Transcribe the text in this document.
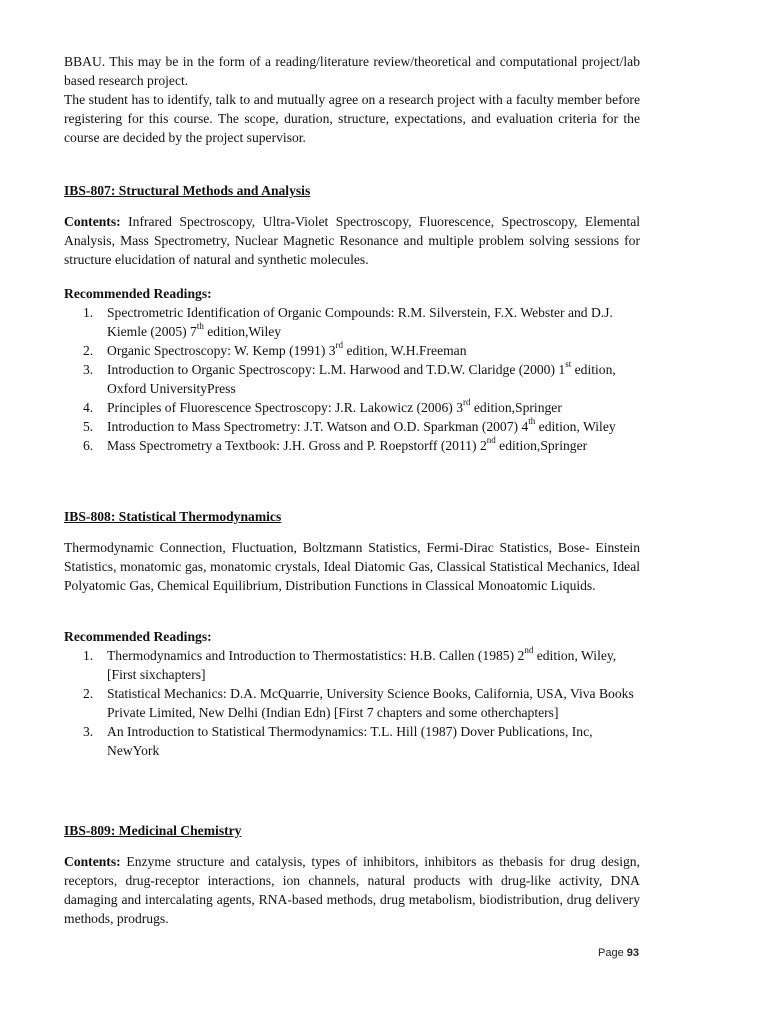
BBAU. This may be in the form of a reading/literature review/theoretical and computational project/lab based research project.

The student has to identify, talk to and mutually agree on a research project with a faculty member before registering for this course. The scope, duration, structure, expectations, and evaluation criteria for the course are decided by the project supervisor.

IBS-807: Structural Methods and Analysis

Contents: Infrared Spectroscopy, Ultra-Violet Spectroscopy, Fluorescence, Spectroscopy, Elemental Analysis, Mass Spectrometry, Nuclear Magnetic Resonance and multiple problem solving sessions for structure elucidation of natural and synthetic molecules.

Recommended Readings:

1. Spectrometric Identification of Organic Compounds: R.M. Silverstein, F.X. Webster and D.J. Kiemle (2005) 7th edition,Wiley
2. Organic Spectroscopy: W. Kemp (1991) 3rd edition, W.H.Freeman
3. Introduction to Organic Spectroscopy: L.M. Harwood and T.D.W. Claridge (2000) 1st edition, Oxford UniversityPress
4. Principles of Fluorescence Spectroscopy: J.R. Lakowicz (2006) 3rd edition,Springer
5. Introduction to Mass Spectrometry: J.T. Watson and O.D. Sparkman (2007) 4th edition, Wiley
6. Mass Spectrometry a Textbook: J.H. Gross and P. Roepstorff (2011) 2nd edition,Springer

IBS-808: Statistical Thermodynamics

Thermodynamic Connection, Fluctuation, Boltzmann Statistics, Fermi-Dirac Statistics, Bose- Einstein Statistics, monatomic gas, monatomic crystals, Ideal Diatomic Gas, Classical Statistical Mechanics, Ideal Polyatomic Gas, Chemical Equilibrium, Distribution Functions in Classical Monoatomic Liquids.

Recommended Readings:

1. Thermodynamics and Introduction to Thermostatistics: H.B. Callen (1985) 2nd edition, Wiley, [First sixchapters]
2. Statistical Mechanics: D.A. McQuarrie, University Science Books, California, USA, Viva Books Private Limited, New Delhi (Indian Edn) [First 7 chapters and some otherchapters]
3. An Introduction to Statistical Thermodynamics: T.L. Hill (1987) Dover Publications, Inc, NewYork

IBS-809: Medicinal Chemistry

Contents: Enzyme structure and catalysis, types of inhibitors, inhibitors as thebasis for drug design, receptors, drug-receptor interactions, ion channels, natural products with drug-like activity, DNA damaging and intercalating agents, RNA-based methods, drug metabolism, biodistribution, drug delivery methods, prodrugs.

Page 93
